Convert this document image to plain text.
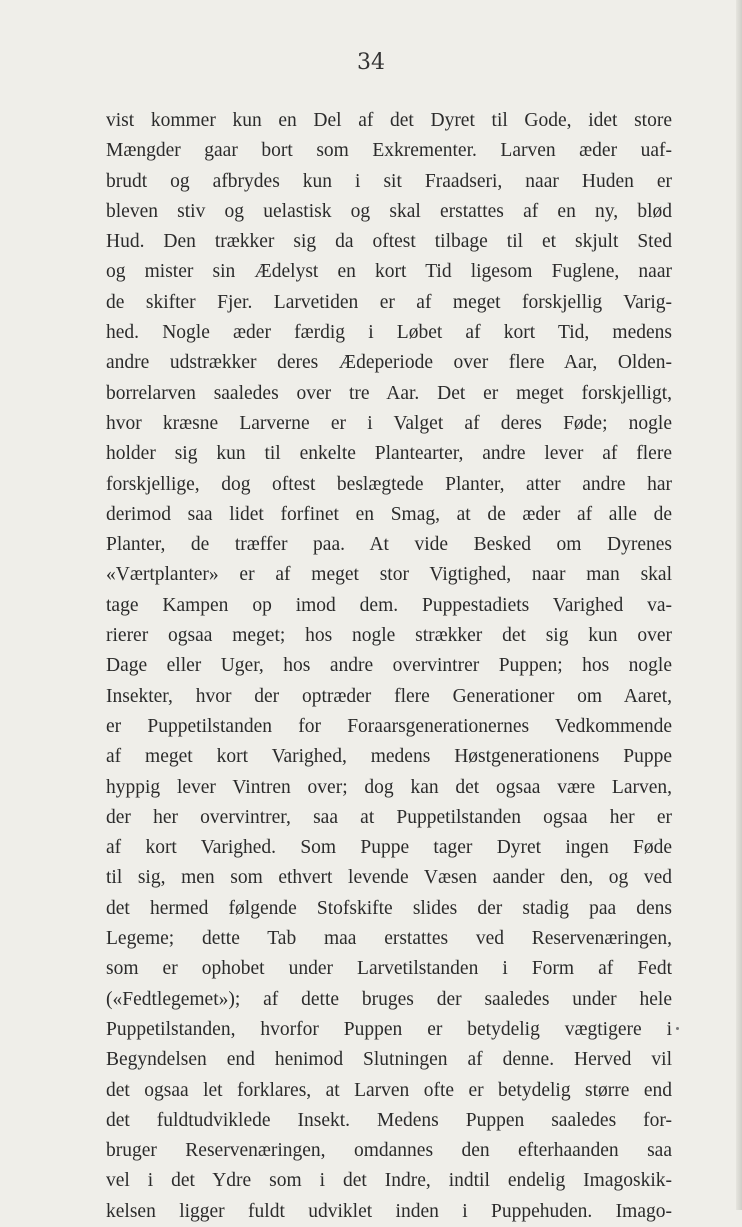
34
vist kommer kun en Del af det Dyret til Gode, idet store
Mængder gaar bort som Exkrementer. Larven æder uaf-
brudt og afbrydes kun i sit Fraadseri, naar Huden er
bleven stiv og uelastisk og skal erstattes af en ny, blød
Hud. Den trækker sig da oftest tilbage til et skjult Sted
og mister sin Ædelyst en kort Tid ligesom Fuglene, naar
de skifter Fjer. Larvetiden er af meget forskjellig Varig-
hed. Nogle æder færdig i Løbet af kort Tid, medens
andre udstrækker deres Ædeperiode over flere Aar, Olden-
borrelarven saaledes over tre Aar. Det er meget forskjelligt,
hvor kræsne Larverne er i Valget af deres Føde; nogle
holder sig kun til enkelte Plantearter, andre lever af flere
forskjellige, dog oftest beslægtede Planter, atter andre har
derimod saa lidet forfinet en Smag, at de æder af alle de
Planter, de træffer paa. At vide Besked om Dyrenes
«Værtplanter» er af meget stor Vigtighed, naar man skal
tage Kampen op imod dem. Puppestadiets Varighed va-
rierer ogsaa meget; hos nogle strækker det sig kun over
Dage eller Uger, hos andre overvintrer Puppen; hos nogle
Insekter, hvor der optræder flere Generationer om Aaret,
er Puppetilstanden for Foraarsgenerationernes Vedkommende
af meget kort Varighed, medens Høstgenerationens Puppe
hyppig lever Vintren over; dog kan det ogsaa være Larven,
der her overvintrer, saa at Puppetilstanden ogsaa her er
af kort Varighed. Som Puppe tager Dyret ingen Føde
til sig, men som ethvert levende Væsen aander den, og ved
det hermed følgende Stofskifte slides der stadig paa dens
Legeme; dette Tab maa erstattes ved Reservenæringen,
som er ophobet under Larvetilstanden i Form af Fedt
(«Fedtlegemet»); af dette bruges der saaledes under hele
Puppetilstanden, hvorfor Puppen er betydelig vægtigere i
Begyndelsen end henimod Slutningen af denne. Herved vil
det ogsaa let forklares, at Larven ofte er betydelig større end
det fuldtudviklede Insekt. Medens Puppen saaledes for-
bruger Reservenæringen, omdannes den efterhaanden saa
vel i det Ydre som i det Indre, indtil endelig Imagoskik-
kelsen ligger fuldt udviklet inden i Puppehuden. Imago-
